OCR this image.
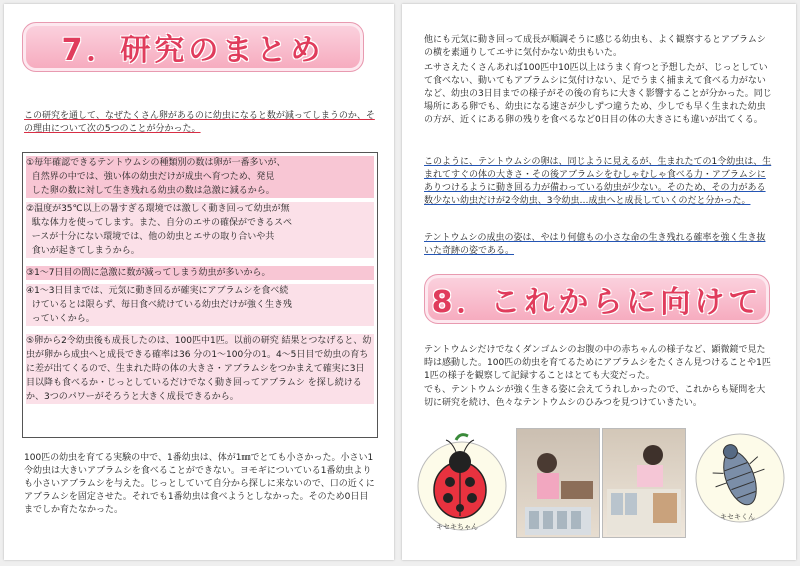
7．研究のまとめ
この研究を通して、なぜたくさん卵があるのに幼虫になると数が減ってしまうのか、その理由について次の5つのことが分かった。
①毎年確認できるテントウムシの種類別の数は卵が一番多いが、
自然界の中では、強い体の幼虫だけが成虫へ育つため、発見
した卵の数に対して生き残れる幼虫の数は急激に減るから。
②温度が35℃以上の暑すぎる環境では激しく動き回って幼虫が無
駄な体力を使ってします。また、自分のエサの確保ができるスペ
ースが十分にない環境では、他の幼虫とエサの取り合いや共
食いが起きてしまうから。
③1～7日目の間に急激に数が減ってしまう幼虫が多いから。
④1～3日目までは、元気に動き回るが確実にアブラムシを食べ続
けているとは限らず、毎日食べ続けている幼虫だけが強く生き残
っていくから。
⑤卵から2令幼虫後も成長したのは、100匹中1匹。以前の研究 結果とつなげると、幼虫が卵から成虫へと成長できる確率は36 分の1～100分の1。4～5日目で幼虫の育ちに差が出てくるので、生まれた時の体の大きさ・アブラムシをつかまえて確実に3日 目以降も食べるか・じっとしているだけでなく動き回ってアブラムシ を探し続けるか、3つのパワーがそろうと大きく成長できるから。
100匹の幼虫を育てる実験の中で、1番幼虫は、体が1㎜でとても小さかった。小さい1令幼虫は大きいアブラムシを食べることができない。ヨモギについている1番幼虫よりも小さいアブラムシを与えた。じっとしていて自分から探しに来ないので、口の近くにアブラムシを固定させた。それでも1番幼虫は食べようとしなかった。そのため0日目までしか育たなかった。
他にも元気に動き回って成長が順調そうに感じる幼虫も、よく観察するとアブラムシの横を素通りしてエサに気付かない幼虫もいた。
エサさえたくさんあれば100匹中10匹以上はうまく育つと予想したが、じっとしていて食べない、動いてもアブラムシに気付けない、足でうまく捕まえて食べる力がないなど、幼虫の3日目までの様子がその後の育ちに大きく影響することが分かった。同じ場所にある卵でも、幼虫になる速さが少しずつ違うため、少しでも早く生まれた幼虫の方が、近くにある卵の残りを食べるなど0日目の体の大きさにも違いが出てくる。
このように、テントウムシの卵は、同じように見えるが、生まれたての1令幼虫は、生まれてすぐの体の大きさ・その後アブラムシをむしゃむしゃ食べる力・アブラムシにありつけるように動き回る力が備わっている幼虫が少ない。そのため、その力がある数少ない幼虫だけが2令幼虫、3令幼虫…成虫へと成長していくのだと分かった。
テントウムシの成虫の姿は、やはり何億もの小さな命の生き残れる確率を強く生き抜いた奇跡の姿である。
8．これからに向けて
テントウムシだけでなくダンゴムシのお腹の中の赤ちゃんの様子など、顕微鏡で見た時は感動した。100匹の幼虫を育てるためにアブラムシをたくさん見つけることや1匹1匹の様子を観察して記録することはとても大変だった。
でも、テントウムシが強く生きる姿に会えてうれしかったので、これからも疑問を大切に研究を続け、色々なテントウムシのひみつを見つけていきたい。
キセキちゃん
キセキくん
